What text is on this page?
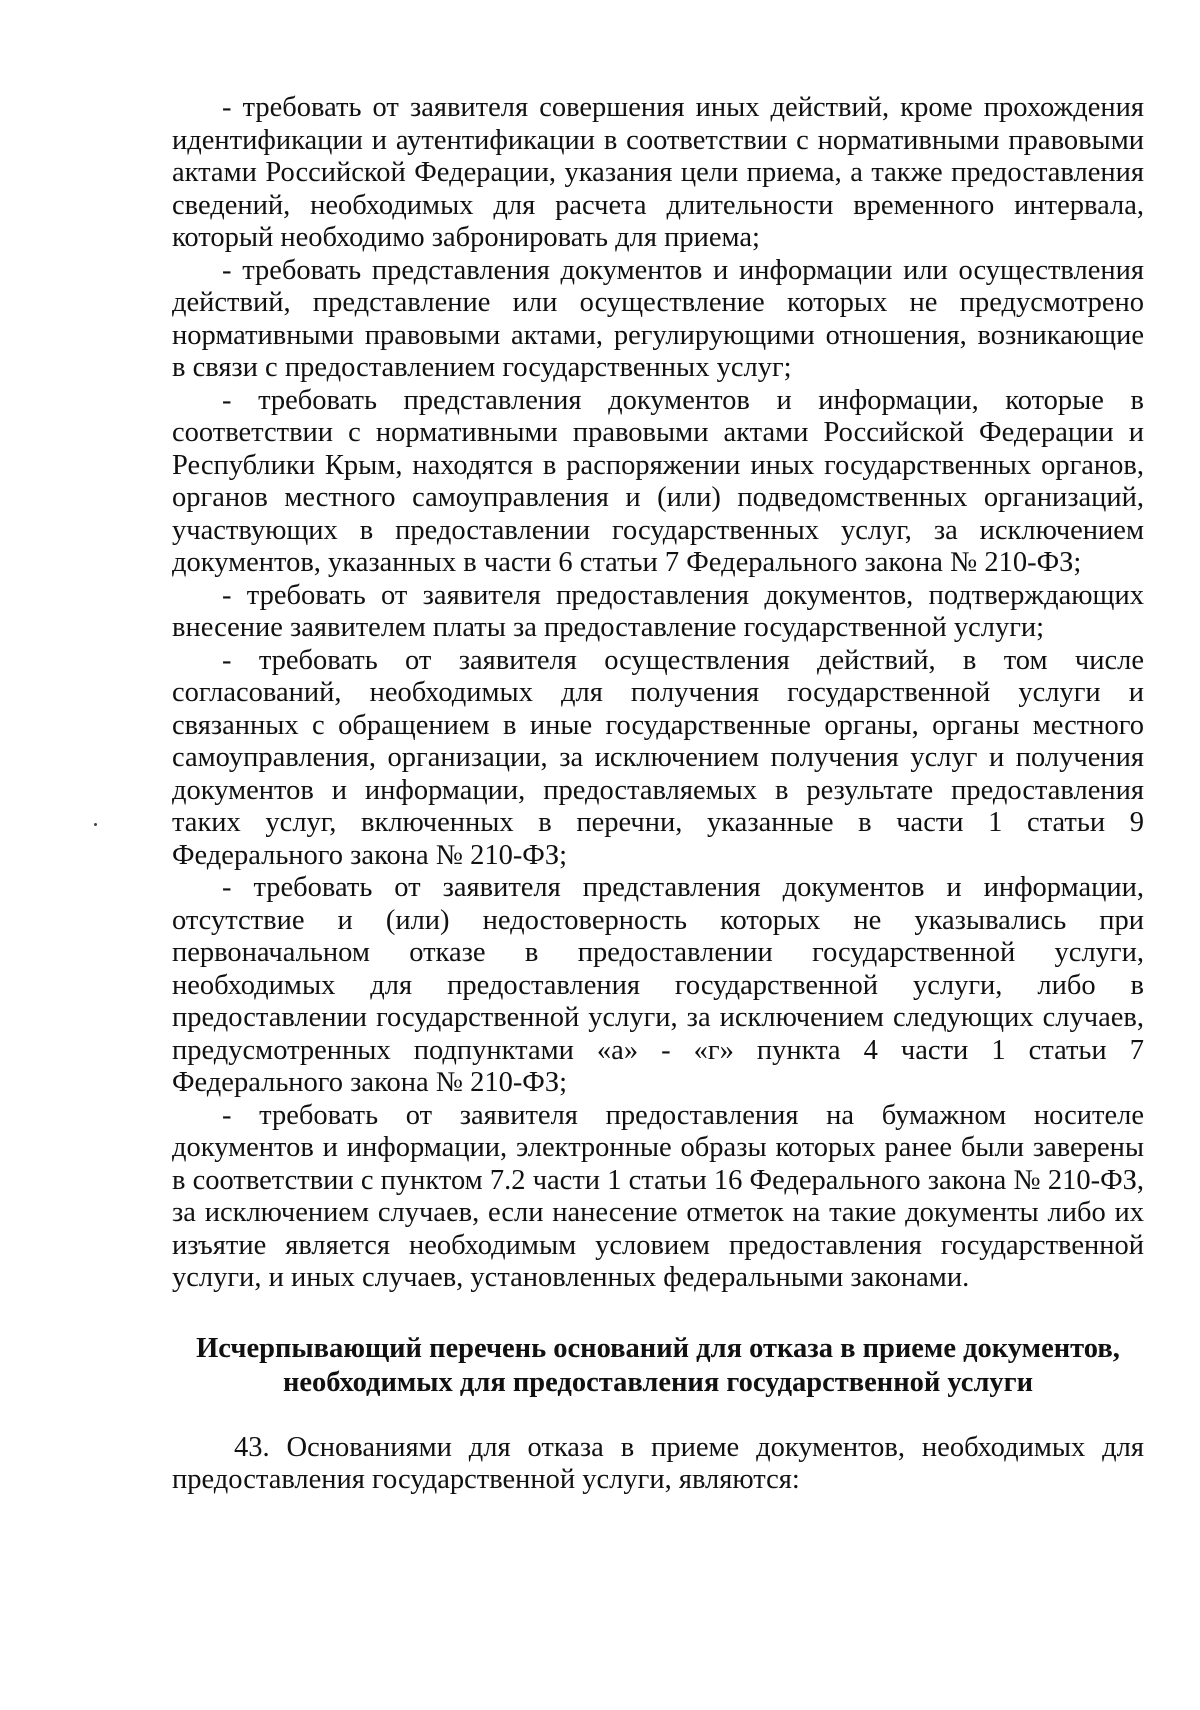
- требовать от заявителя совершения иных действий, кроме прохождения идентификации и аутентификации в соответствии с нормативными правовыми актами Российской Федерации, указания цели приема, а также предоставления сведений, необходимых для расчета длительности временного интервала, который необходимо забронировать для приема;

- требовать представления документов и информации или осуществления действий, представление или осуществление которых не предусмотрено нормативными правовыми актами, регулирующими отношения, возникающие в связи с предоставлением государственных услуг;

- требовать представления документов и информации, которые в соответствии с нормативными правовыми актами Российской Федерации и Республики Крым, находятся в распоряжении иных государственных органов, органов местного самоуправления и (или) подведомственных организаций, участвующих в предоставлении государственных услуг, за исключением документов, указанных в части 6 статьи 7 Федерального закона № 210-ФЗ;

- требовать от заявителя предоставления документов, подтверждающих внесение заявителем платы за предоставление государственной услуги;

- требовать от заявителя осуществления действий, в том числе согласований, необходимых для получения государственной услуги и связанных с обращением в иные государственные органы, органы местного самоуправления, организации, за исключением получения услуг и получения документов и информации, предоставляемых в результате предоставления таких услуг, включенных в перечни, указанные в части 1 статьи 9 Федерального закона № 210-ФЗ;

- требовать от заявителя представления документов и информации, отсутствие и (или) недостоверность которых не указывались при первоначальном отказе в предоставлении государственной услуги, необходимых для предоставления государственной услуги, либо в предоставлении государственной услуги, за исключением следующих случаев, предусмотренных подпунктами «а» - «г» пункта 4 части 1 статьи 7 Федерального закона № 210-ФЗ;

- требовать от заявителя предоставления на бумажном носителе документов и информации, электронные образы которых ранее были заверены в соответствии с пунктом 7.2 части 1 статьи 16 Федерального закона № 210-ФЗ, за исключением случаев, если нанесение отметок на такие документы либо их изъятие является необходимым условием предоставления государственной услуги, и иных случаев, установленных федеральными законами.

Исчерпывающий перечень оснований для отказа в приеме документов,
необходимых для предоставления государственной услуги

43. Основаниями для отказа в приеме документов, необходимых для предоставления государственной услуги, являются:
